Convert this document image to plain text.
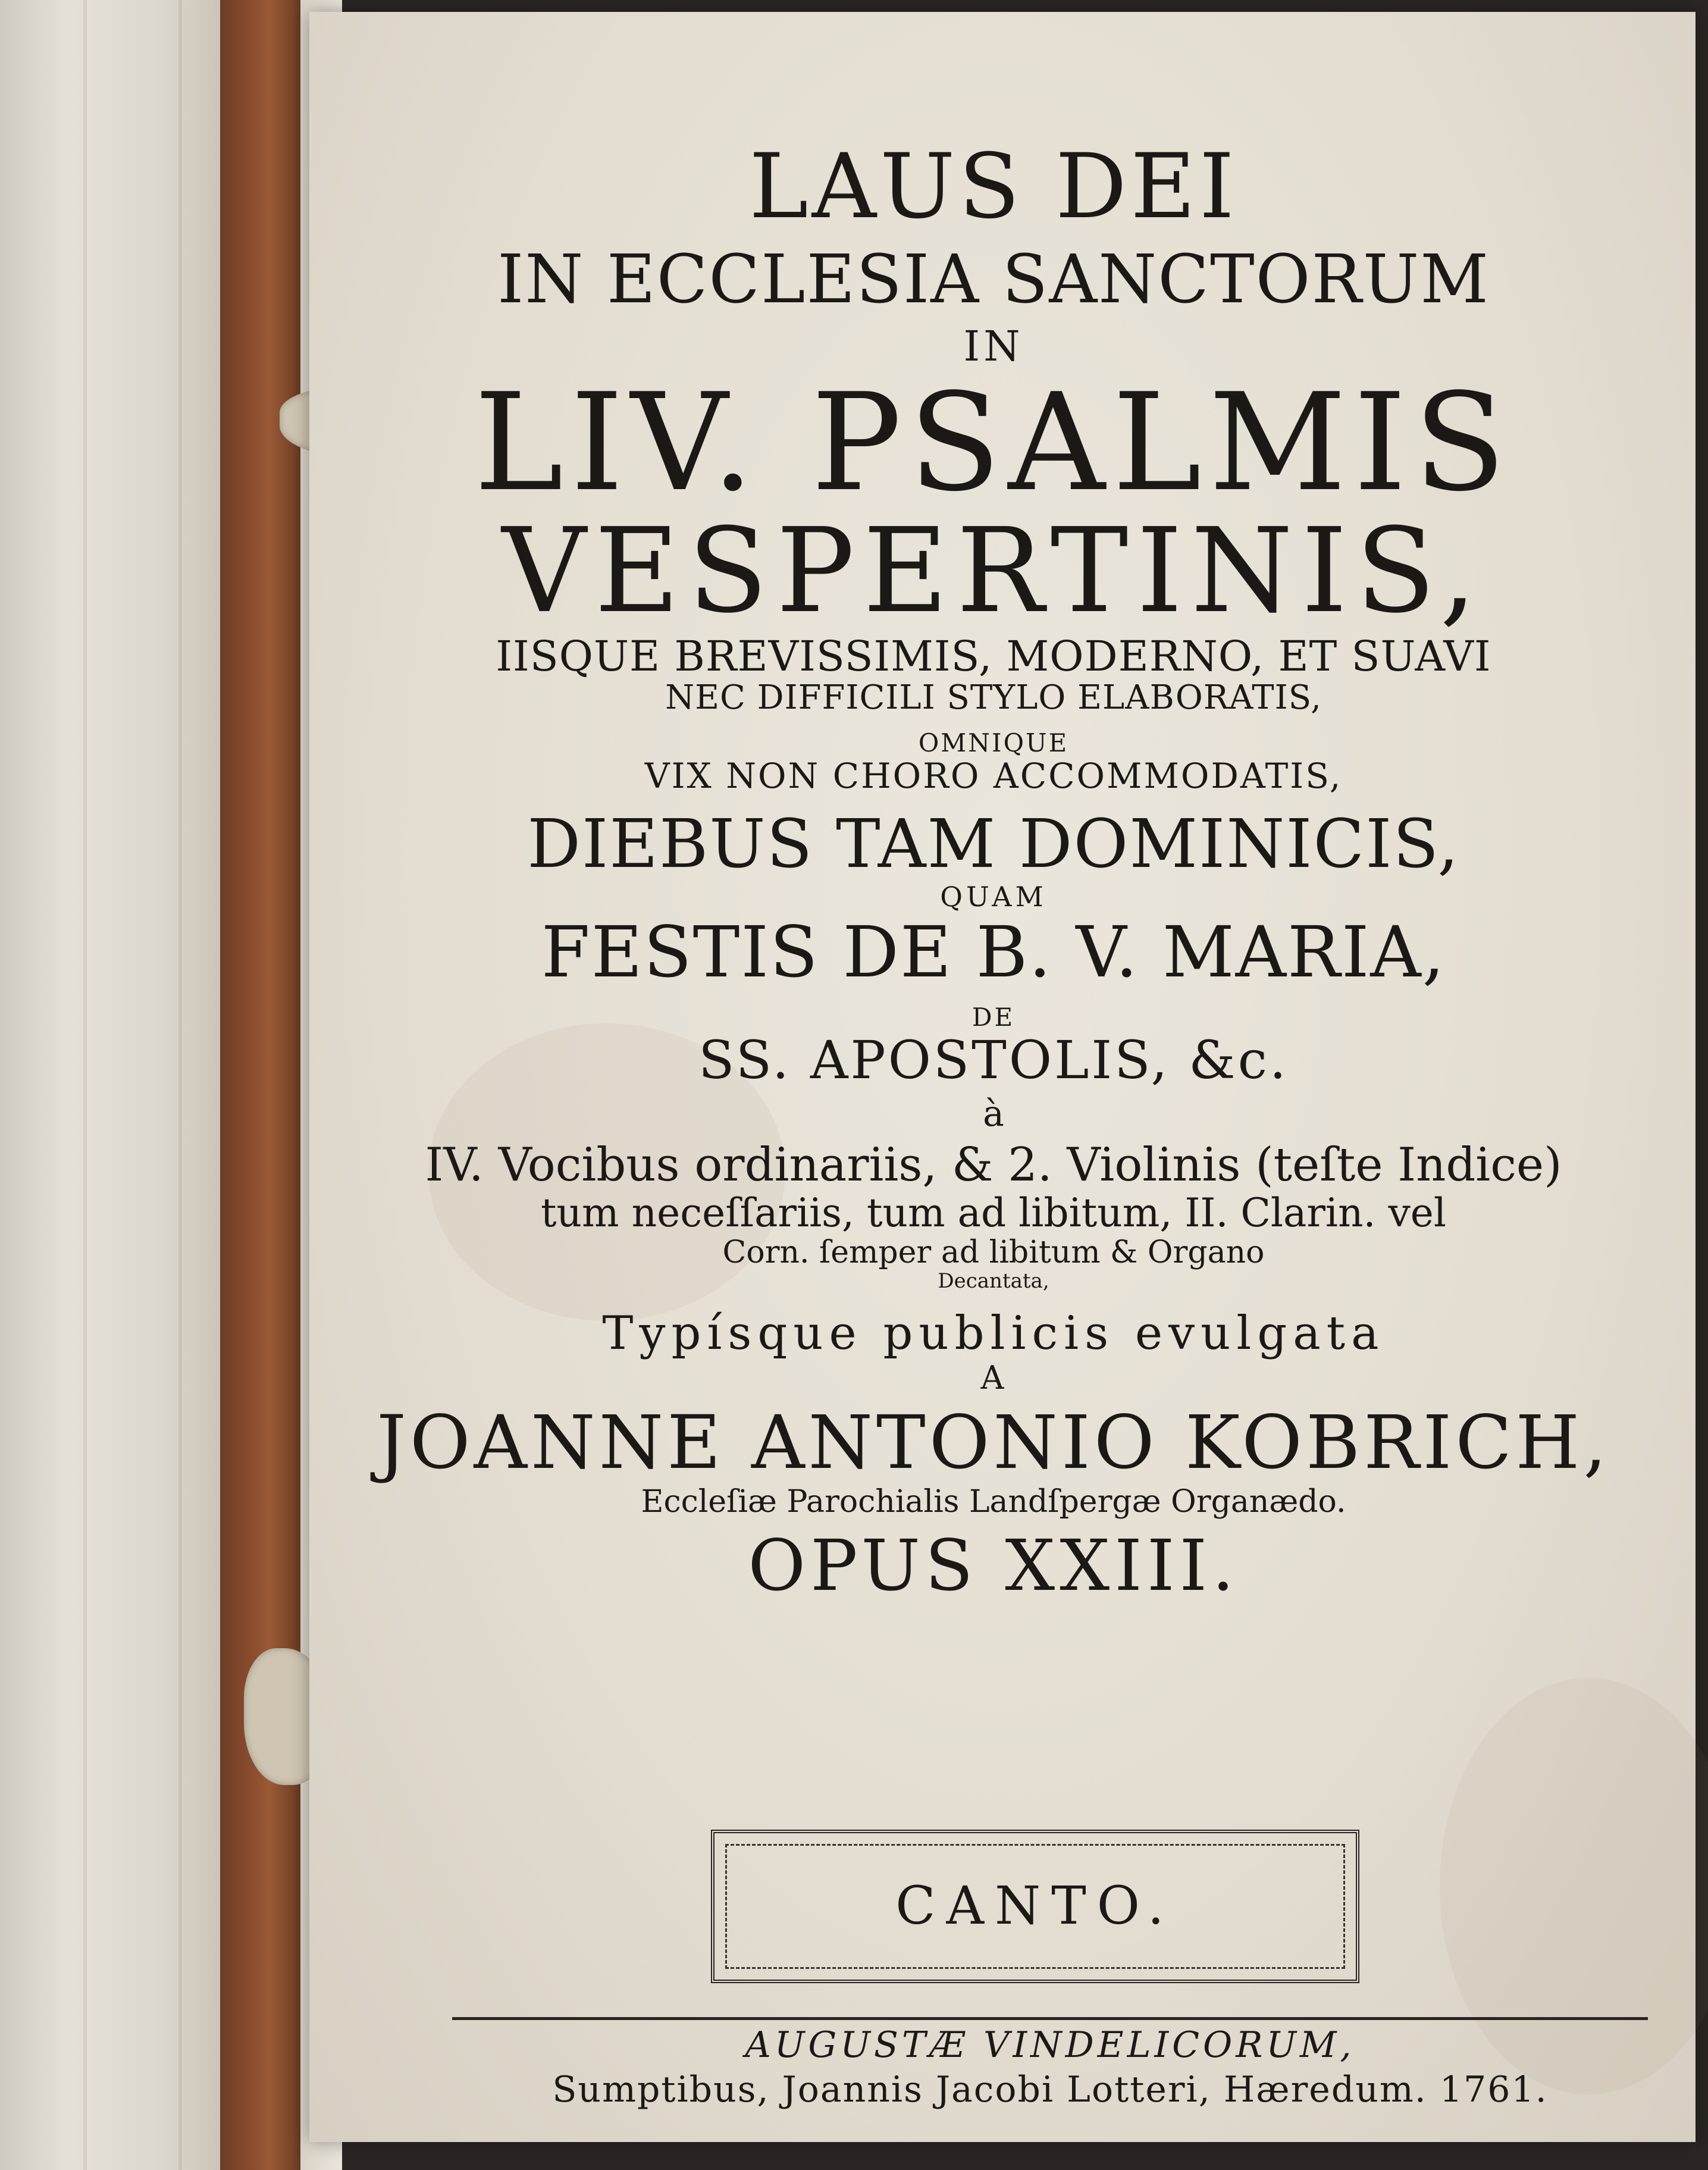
LAUS DEI
IN ECCLESIA SANCTORUM
IN
LIV. PSALMIS
VESPERTINIS,
IISQUE BREVISSIMIS, MODERNO, ET SUAVI
NEC DIFFICILI STYLO ELABORATIS,
OMNIQUE
VIX NON CHORO ACCOMMODATIS,
DIEBUS TAM DOMINICIS,
QUAM
FESTIS DE B. V. MARIA,
DE
SS. APOSTOLIS, &c.
à
IV. Vocibus ordinariis, & 2. Violinis (teſte Indice)
tum neceſſariis, tum ad libitum, II. Clarin. vel
Corn. ſemper ad libitum & Organo
Decantata,
Typísque publicis evulgata
A
JOANNE ANTONIO KOBRICH,
Eccleſiæ Parochialis Landſpergæ Organædo.
OPUS XXIII.
CANTO.
AUGUSTÆ VINDELICORUM,
Sumptibus, Joannis Jacobi Lotteri, Hæredum. 1761.
